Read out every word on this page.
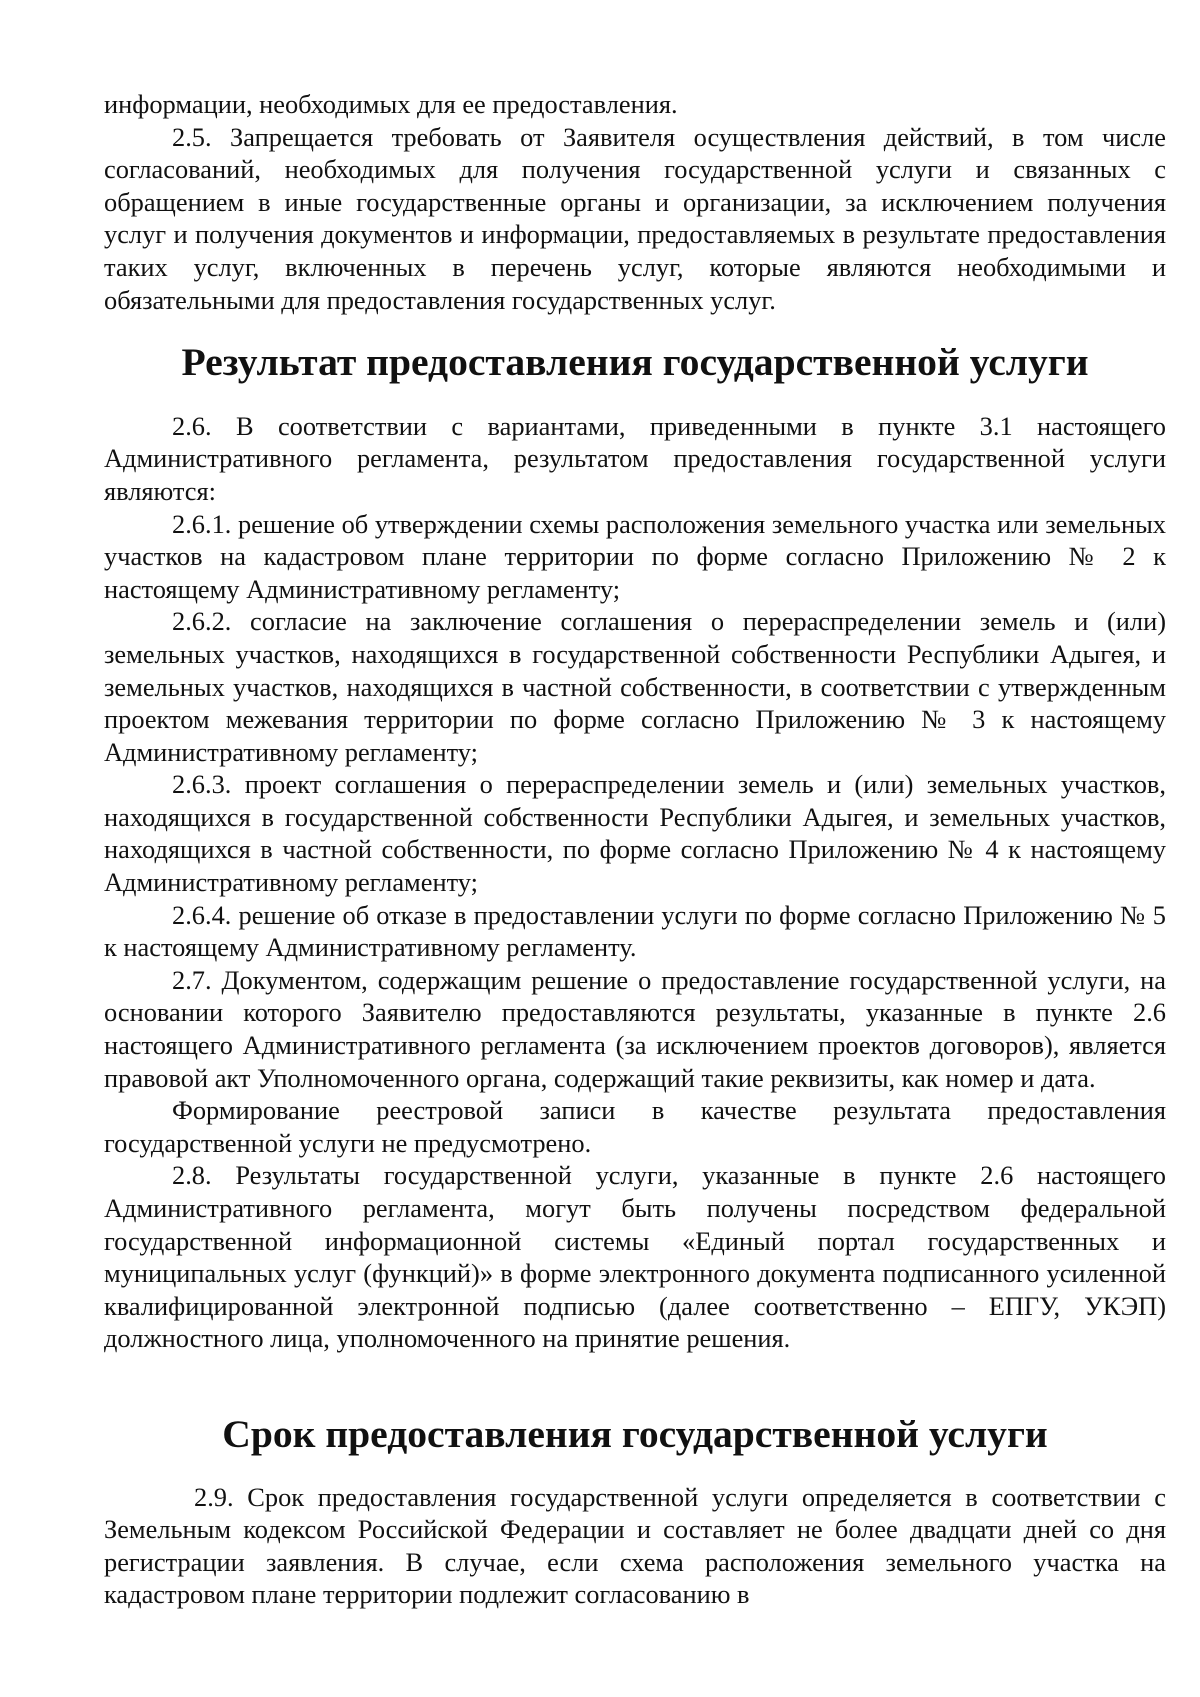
информации, необходимых для ее предоставления.

2.5. Запрещается требовать от Заявителя осуществления действий, в том числе согласований, необходимых для получения государственной услуги и связанных с обращением в иные государственные органы и организации, за исключением получения услуг и получения документов и информации, предоставляемых в результате предоставления таких услуг, включенных в перечень услуг, которые являются необходимыми и обязательными для предоставления государственных услуг.

Результат предоставления государственной услуги

2.6. В соответствии с вариантами, приведенными в пункте 3.1 настоящего Административного регламента, результатом предоставления государственной услуги являются:

2.6.1. решение об утверждении схемы расположения земельного участка или земельных участков на кадастровом плане территории по форме согласно Приложению № 2 к настоящему Административному регламенту;

2.6.2. согласие на заключение соглашения о перераспределении земель и (или) земельных участков, находящихся в государственной собственности Республики Адыгея, и земельных участков, находящихся в частной собственности, в соответствии с утвержденным проектом межевания территории по форме согласно Приложению № 3 к настоящему Административному регламенту;

2.6.3. проект соглашения о перераспределении земель и (или) земельных участков, находящихся в государственной собственности Республики Адыгея, и земельных участков, находящихся в частной собственности, по форме согласно Приложению № 4 к настоящему Административному регламенту;

2.6.4. решение об отказе в предоставлении услуги по форме согласно Приложению № 5 к настоящему Административному регламенту.

2.7. Документом, содержащим решение о предоставление государственной услуги, на основании которого Заявителю предоставляются результаты, указанные в пункте 2.6 настоящего Административного регламента (за исключением проектов договоров), является правовой акт Уполномоченного органа, содержащий такие реквизиты, как номер и дата.

Формирование реестровой записи в качестве результата предоставления государственной услуги не предусмотрено.

2.8. Результаты государственной услуги, указанные в пункте 2.6 настоящего Административного регламента, могут быть получены посредством федеральной государственной информационной системы «Единый портал государственных и муниципальных услуг (функций)» в форме электронного документа подписанного усиленной квалифицированной электронной подписью (далее соответственно – ЕПГУ, УКЭП) должностного лица, уполномоченного на принятие решения.

Срок предоставления государственной услуги

2.9. Срок предоставления государственной услуги определяется в соответствии с Земельным кодексом Российской Федерации и составляет не более двадцати дней со дня регистрации заявления. В случае, если схема расположения земельного участка на кадастровом плане территории подлежит согласованию в
